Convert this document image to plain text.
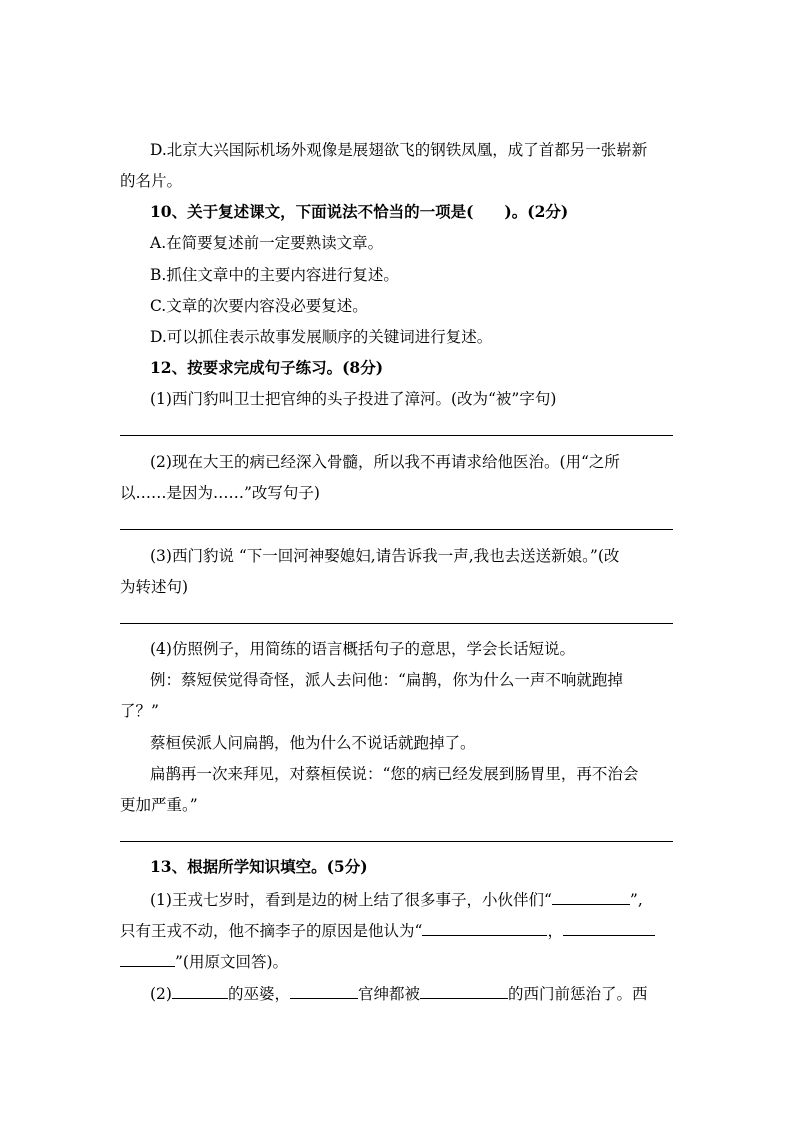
D.北京大兴国际机场外观像是展翅欲飞的钢铁凤凰，成了首都另一张崭新
的名片。
10、关于复述课文，下面说法不恰当的一项是(　　)。(2分)
A.在简要复述前一定要熟读文章。
B.抓住文章中的主要内容进行复述。
C.文章的次要内容没必要复述。
D.可以抓住表示故事发展顺序的关键词进行复述。
12、按要求完成句子练习。(8分)
(1)西门豹叫卫士把官绅的头子投进了漳河。(改为“被”字句)
(2)现在大王的病已经深入骨髓，所以我不再请求给他医治。(用“之所
以……是因为……”改写句子)
(3)西门豹说 “下一回河神娶媳妇,请告诉我一声,我也去送送新娘。”(改
为转述句)
(4)仿照例子，用简练的语言概括句子的意思，学会长话短说。
例：蔡短侯觉得奇怪，派人去问他：“扁鹊，你为什么一声不响就跑掉
了？”
蔡桓侯派人问扁鹊，他为什么不说话就跑掉了。
扁鹊再一次来拜见，对蔡桓侯说：“您的病已经发展到肠胃里，再不治会
更加严重。”
13、根据所学知识填空。(5分)
(1)王戎七岁时，看到是边的树上结了很多事子，小伙伴们“	”,
只有王戎不动，他不摘李子的原因是他认为“	，
”(用原文回答)。
(2)	的巫婆，	官绅都被	的西门前惩治了。西
